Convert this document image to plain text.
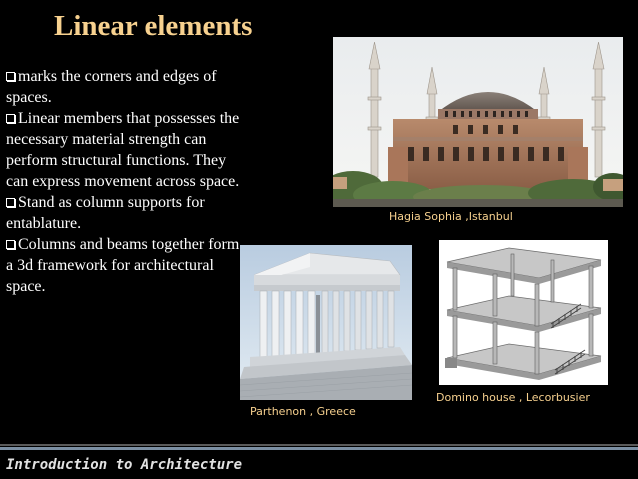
Linear elements
marks the corners and edges of spaces.
Linear members that possesses the necessary material strength can perform structural functions. They can express movement across space.
Stand as column supports for entablature.
Columns and beams together form a 3d framework for architectural space.
Hagia Sophia ,Istanbul
Parthenon , Greece
Domino house , Lecorbusier
Introduction to Architecture
